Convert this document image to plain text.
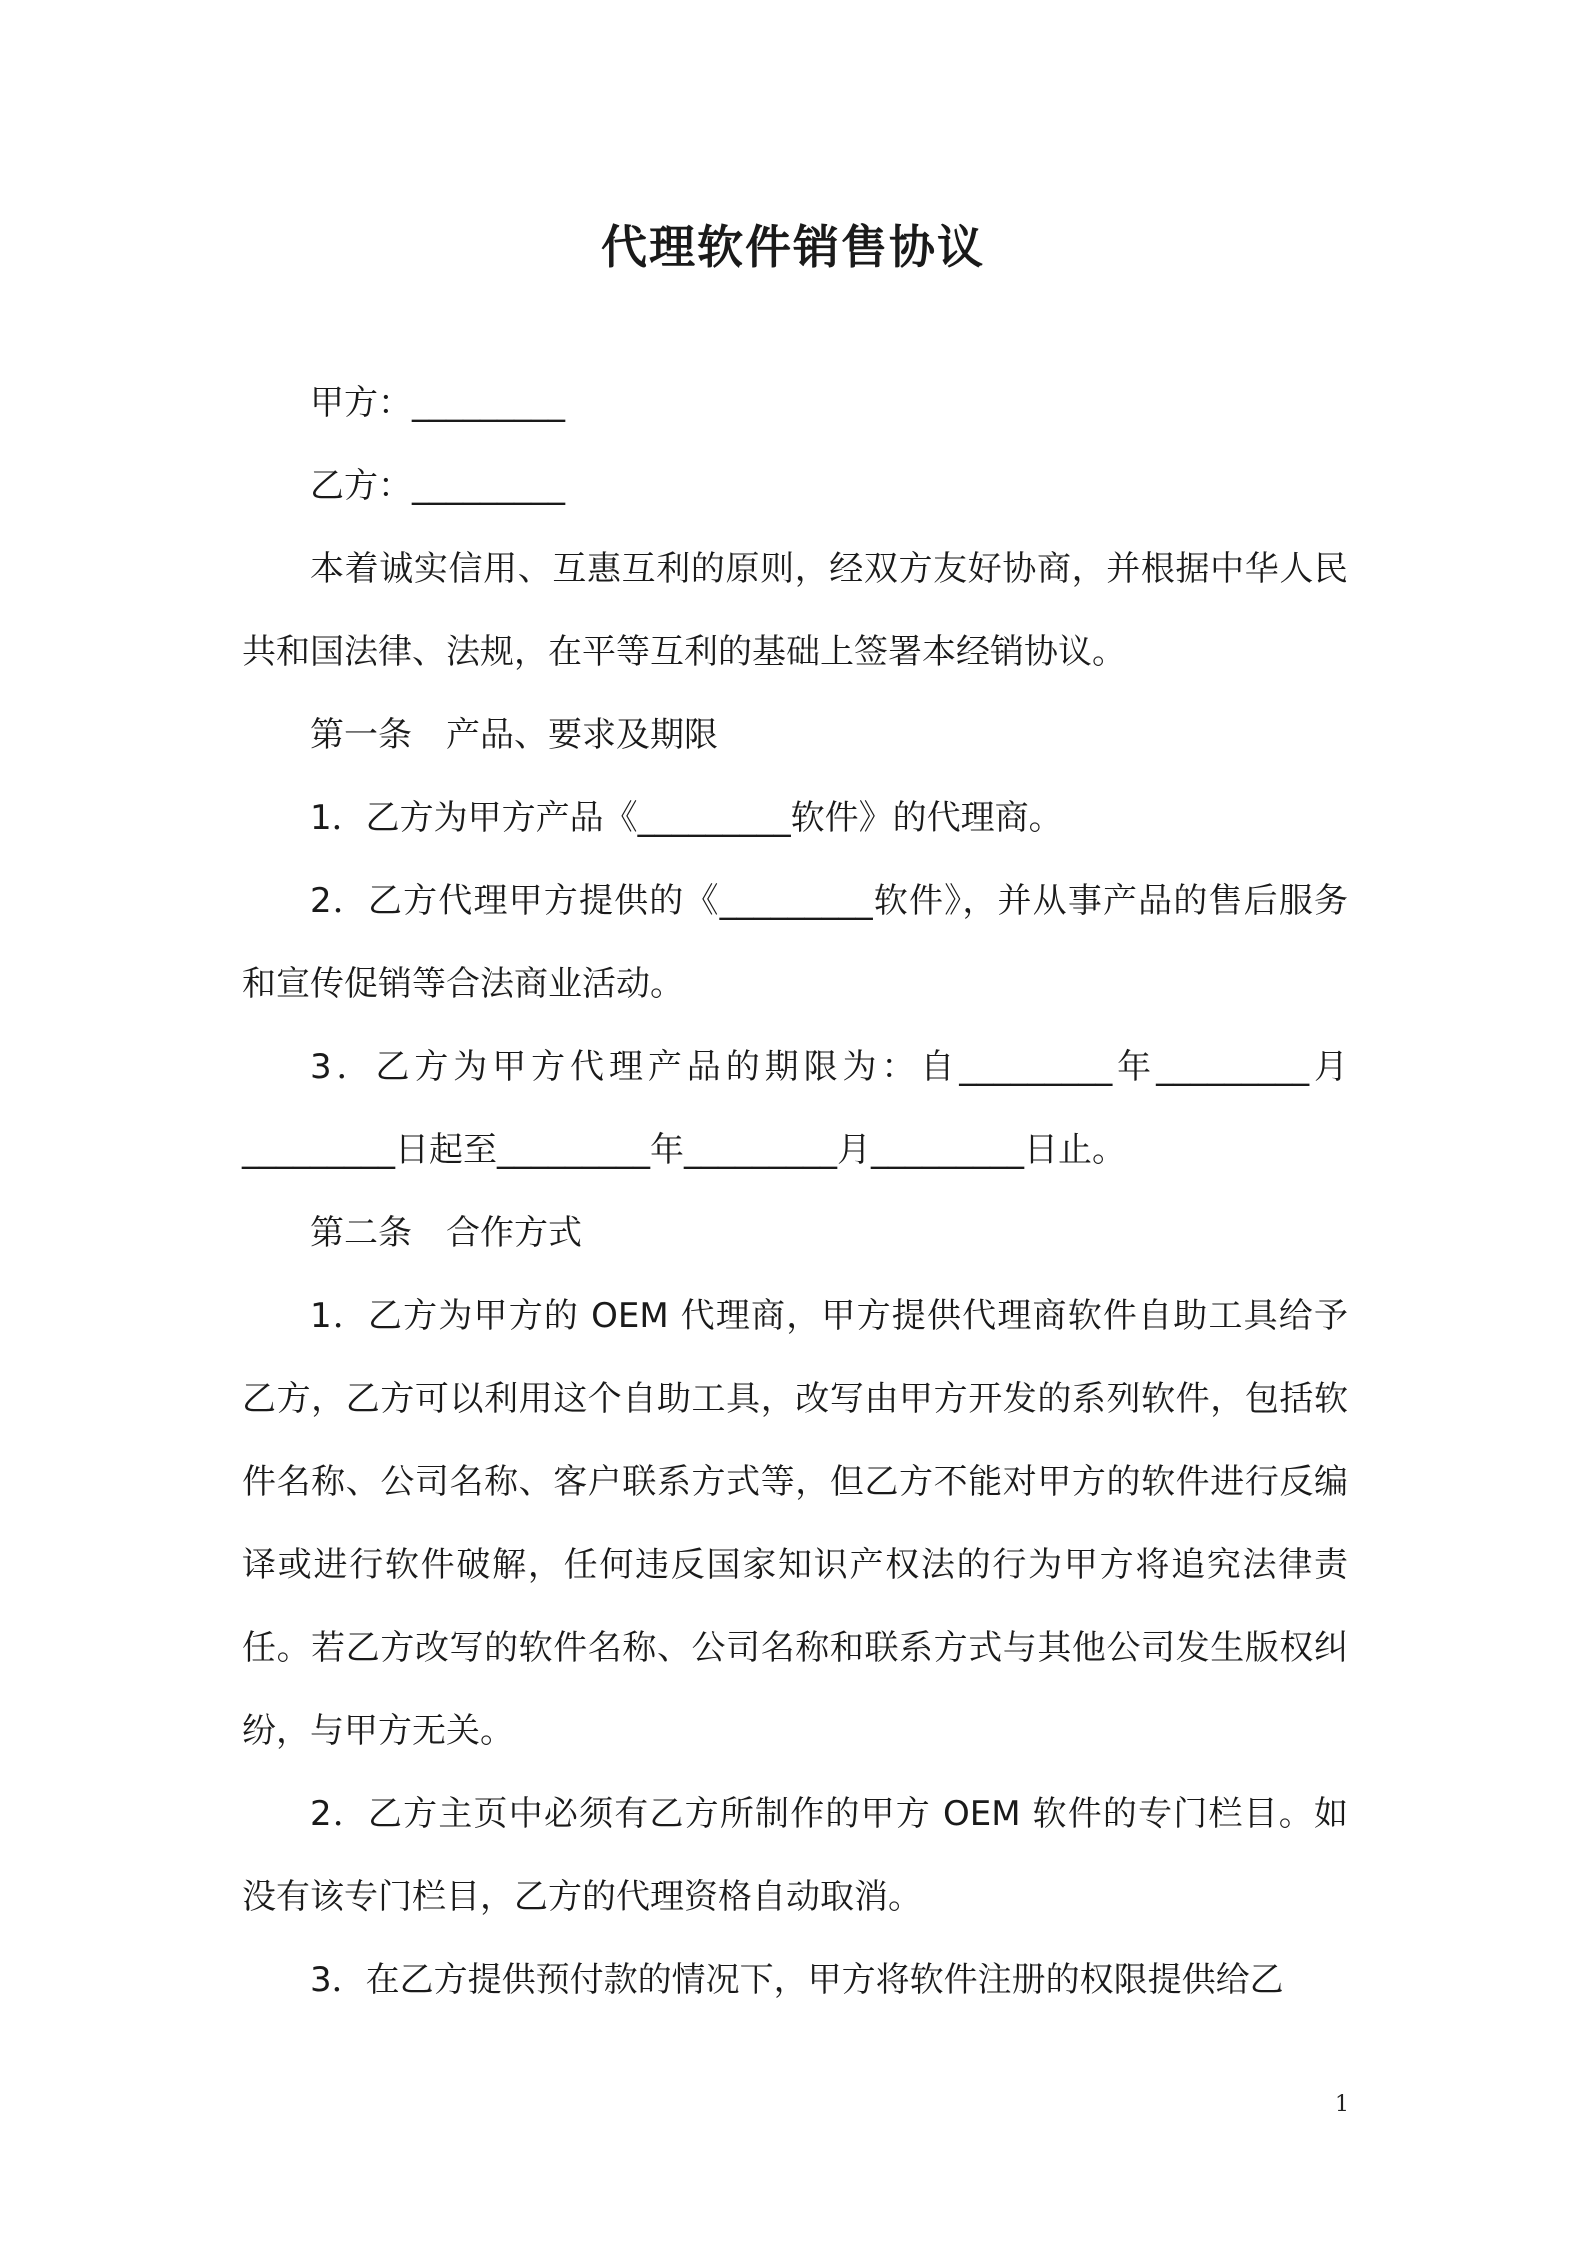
代理软件销售协议

甲方：_________

乙方：_________

本着诚实信用、互惠互利的原则，经双方友好协商，并根据中华人民共和国法律、法规，在平等互利的基础上签署本经销协议。

第一条　产品、要求及期限

1．乙方为甲方产品《_________软件》的代理商。

2．乙方代理甲方提供的《_________软件》，并从事产品的售后服务和宣传促销等合法商业活动。

3．乙方为甲方代理产品的期限为：自_________年_________月_________日起至_________年_________月_________日止。

第二条　合作方式

1．乙方为甲方的 OEM 代理商，甲方提供代理商软件自助工具给予乙方，乙方可以利用这个自助工具，改写由甲方开发的系列软件，包括软件名称、公司名称、客户联系方式等，但乙方不能对甲方的软件进行反编译或进行软件破解，任何违反国家知识产权法的行为甲方将追究法律责任。若乙方改写的软件名称、公司名称和联系方式与其他公司发生版权纠纷，与甲方无关。

2．乙方主页中必须有乙方所制作的甲方 OEM 软件的专门栏目。如没有该专门栏目，乙方的代理资格自动取消。

3．在乙方提供预付款的情况下，甲方将软件注册的权限提供给乙

1
